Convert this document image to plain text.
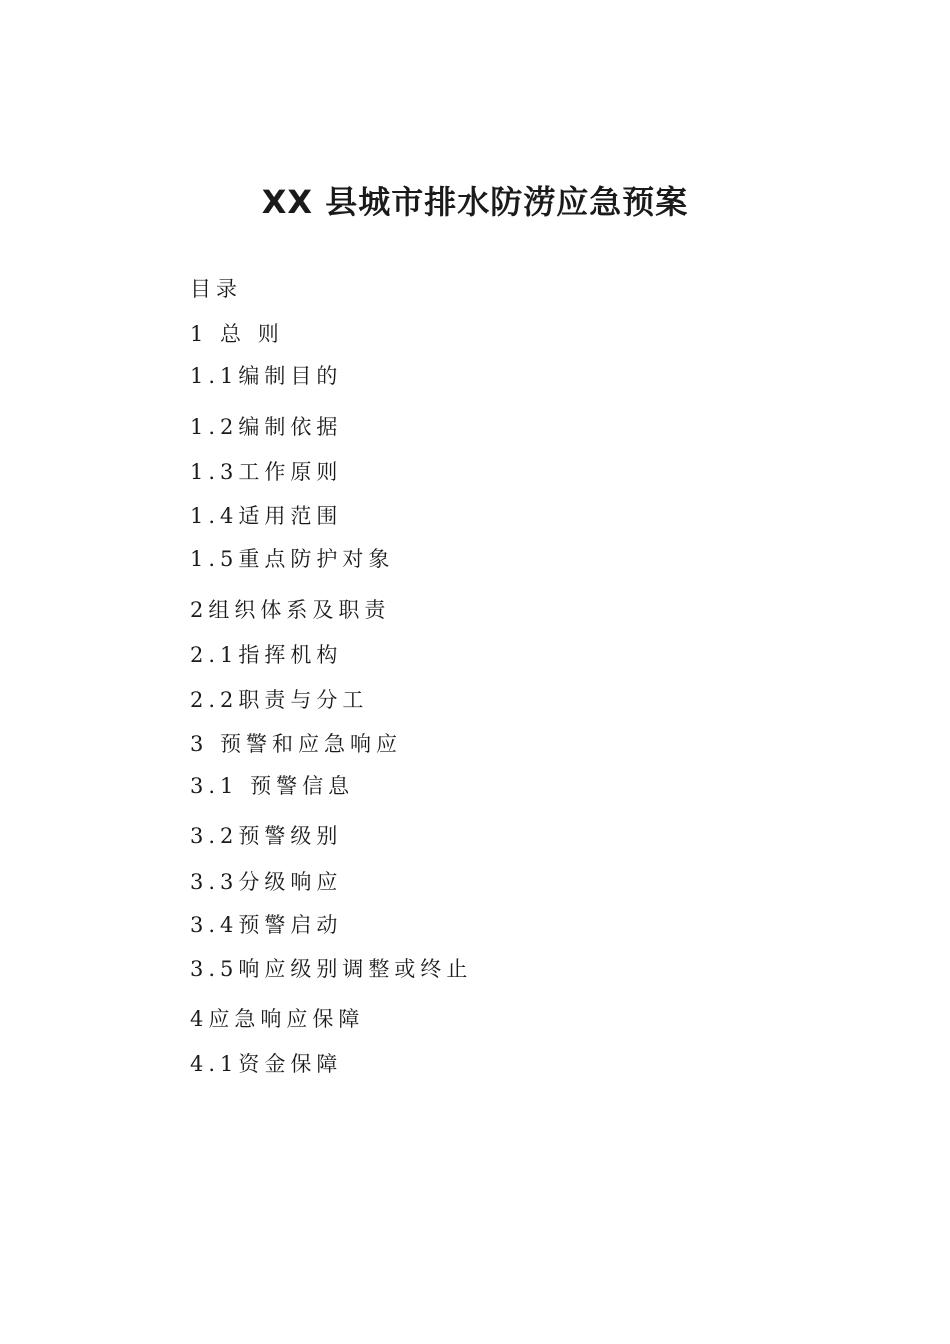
XX 县城市排水防涝应急预案
目录
1 总 则
1.1编制目的
1.2编制依据
1.3工作原则
1.4适用范围
1.5重点防护对象
2组织体系及职责
2.1指挥机构
2.2职责与分工
3 预警和应急响应
3.1 预警信息
3.2预警级别
3.3分级响应
3.4预警启动
3.5响应级别调整或终止
4应急响应保障
4.1资金保障
